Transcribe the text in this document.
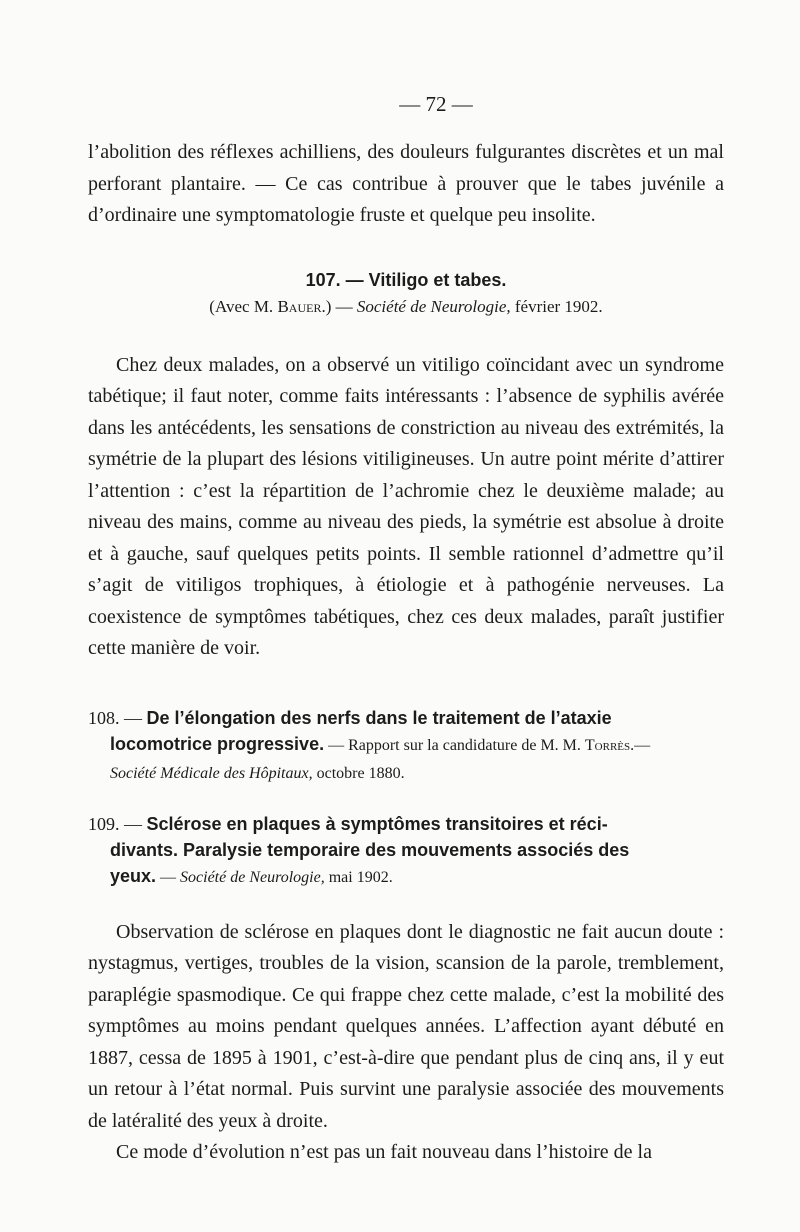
— 72 —

l’abolition des réflexes achilliens, des douleurs fulgurantes discrètes et un mal perforant plantaire. — Ce cas contribue à prouver que le tabes juvénile a d’ordinaire une symptomatologie fruste et quelque peu insolite.

107. — Vitiligo et tabes.
(Avec M. Bauer.) — Société de Neurologie, février 1902.

Chez deux malades, on a observé un vitiligo coïncidant avec un syndrome tabétique; il faut noter, comme faits intéressants : l’absence de syphilis avérée dans les antécédents, les sensations de constriction au niveau des extrémités, la symétrie de la plupart des lésions vitiligineuses. Un autre point mérite d’attirer l’attention : c’est la répartition de l’achromie chez le deuxième malade; au niveau des mains, comme au niveau des pieds, la symétrie est absolue à droite et à gauche, sauf quelques petits points. Il semble rationnel d’admettre qu’il s’agit de vitiligos trophiques, à étiologie et à pathogénie nerveuses. La coexistence de symptômes tabétiques, chez ces deux malades, paraît justifier cette manière de voir.

108. — De l’élongation des nerfs dans le traitement de l’ataxie
locomotrice progressive. — Rapport sur la candidature de M. M. Torrès.—
Société Médicale des Hôpitaux, octobre 1880.
109. — Sclérose en plaques à symptômes transitoires et réci-
divants. Paralysie temporaire des mouvements associés des
yeux. — Société de Neurologie, mai 1902.

Observation de sclérose en plaques dont le diagnostic ne fait aucun doute : nystagmus, vertiges, troubles de la vision, scansion de la parole, tremblement, paraplégie spasmodique. Ce qui frappe chez cette malade, c’est la mobilité des symptômes au moins pendant quelques années. L’affection ayant débuté en 1887, cessa de 1895 à 1901, c’est-à-dire que pendant plus de cinq ans, il y eut un retour à l’état normal. Puis survint une paralysie associée des mouvements de latéralité des yeux à droite.

Ce mode d’évolution n’est pas un fait nouveau dans l’histoire de la
